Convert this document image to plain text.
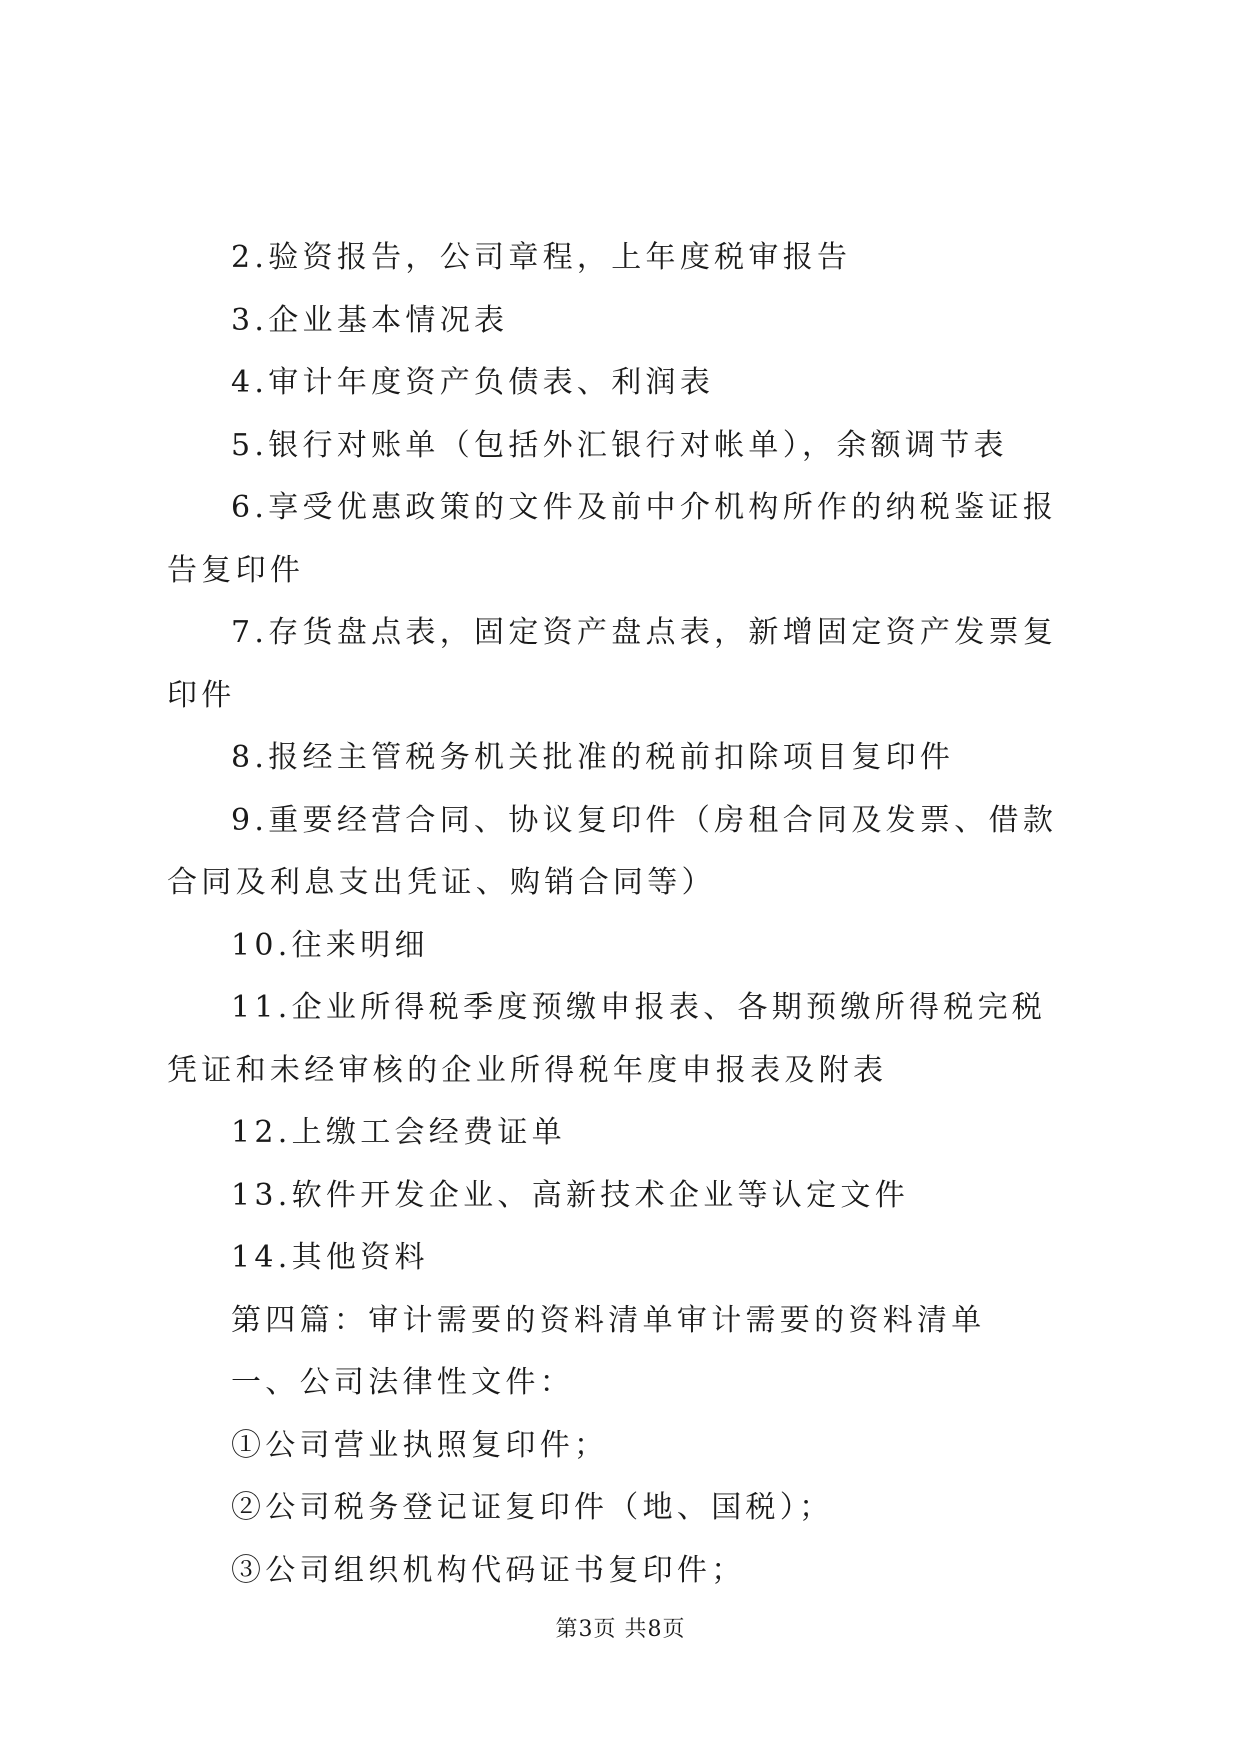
2.验资报告，公司章程，上年度税审报告

3.企业基本情况表

4.审计年度资产负债表、利润表

5.银行对账单（包括外汇银行对帐单），余额调节表

6.享受优惠政策的文件及前中介机构所作的纳税鉴证报告复印件

7.存货盘点表，固定资产盘点表，新增固定资产发票复印件

8.报经主管税务机关批准的税前扣除项目复印件

9.重要经营合同、协议复印件（房租合同及发票、借款合同及利息支出凭证、购销合同等）

10.往来明细

11.企业所得税季度预缴申报表、各期预缴所得税完税凭证和未经审核的企业所得税年度申报表及附表

12.上缴工会经费证单

13.软件开发企业、高新技术企业等认定文件

14.其他资料

第四篇：审计需要的资料清单审计需要的资料清单

一、公司法律性文件：

①公司营业执照复印件；

②公司税务登记证复印件（地、国税）；

③公司组织机构代码证书复印件；

第3页 共8页
